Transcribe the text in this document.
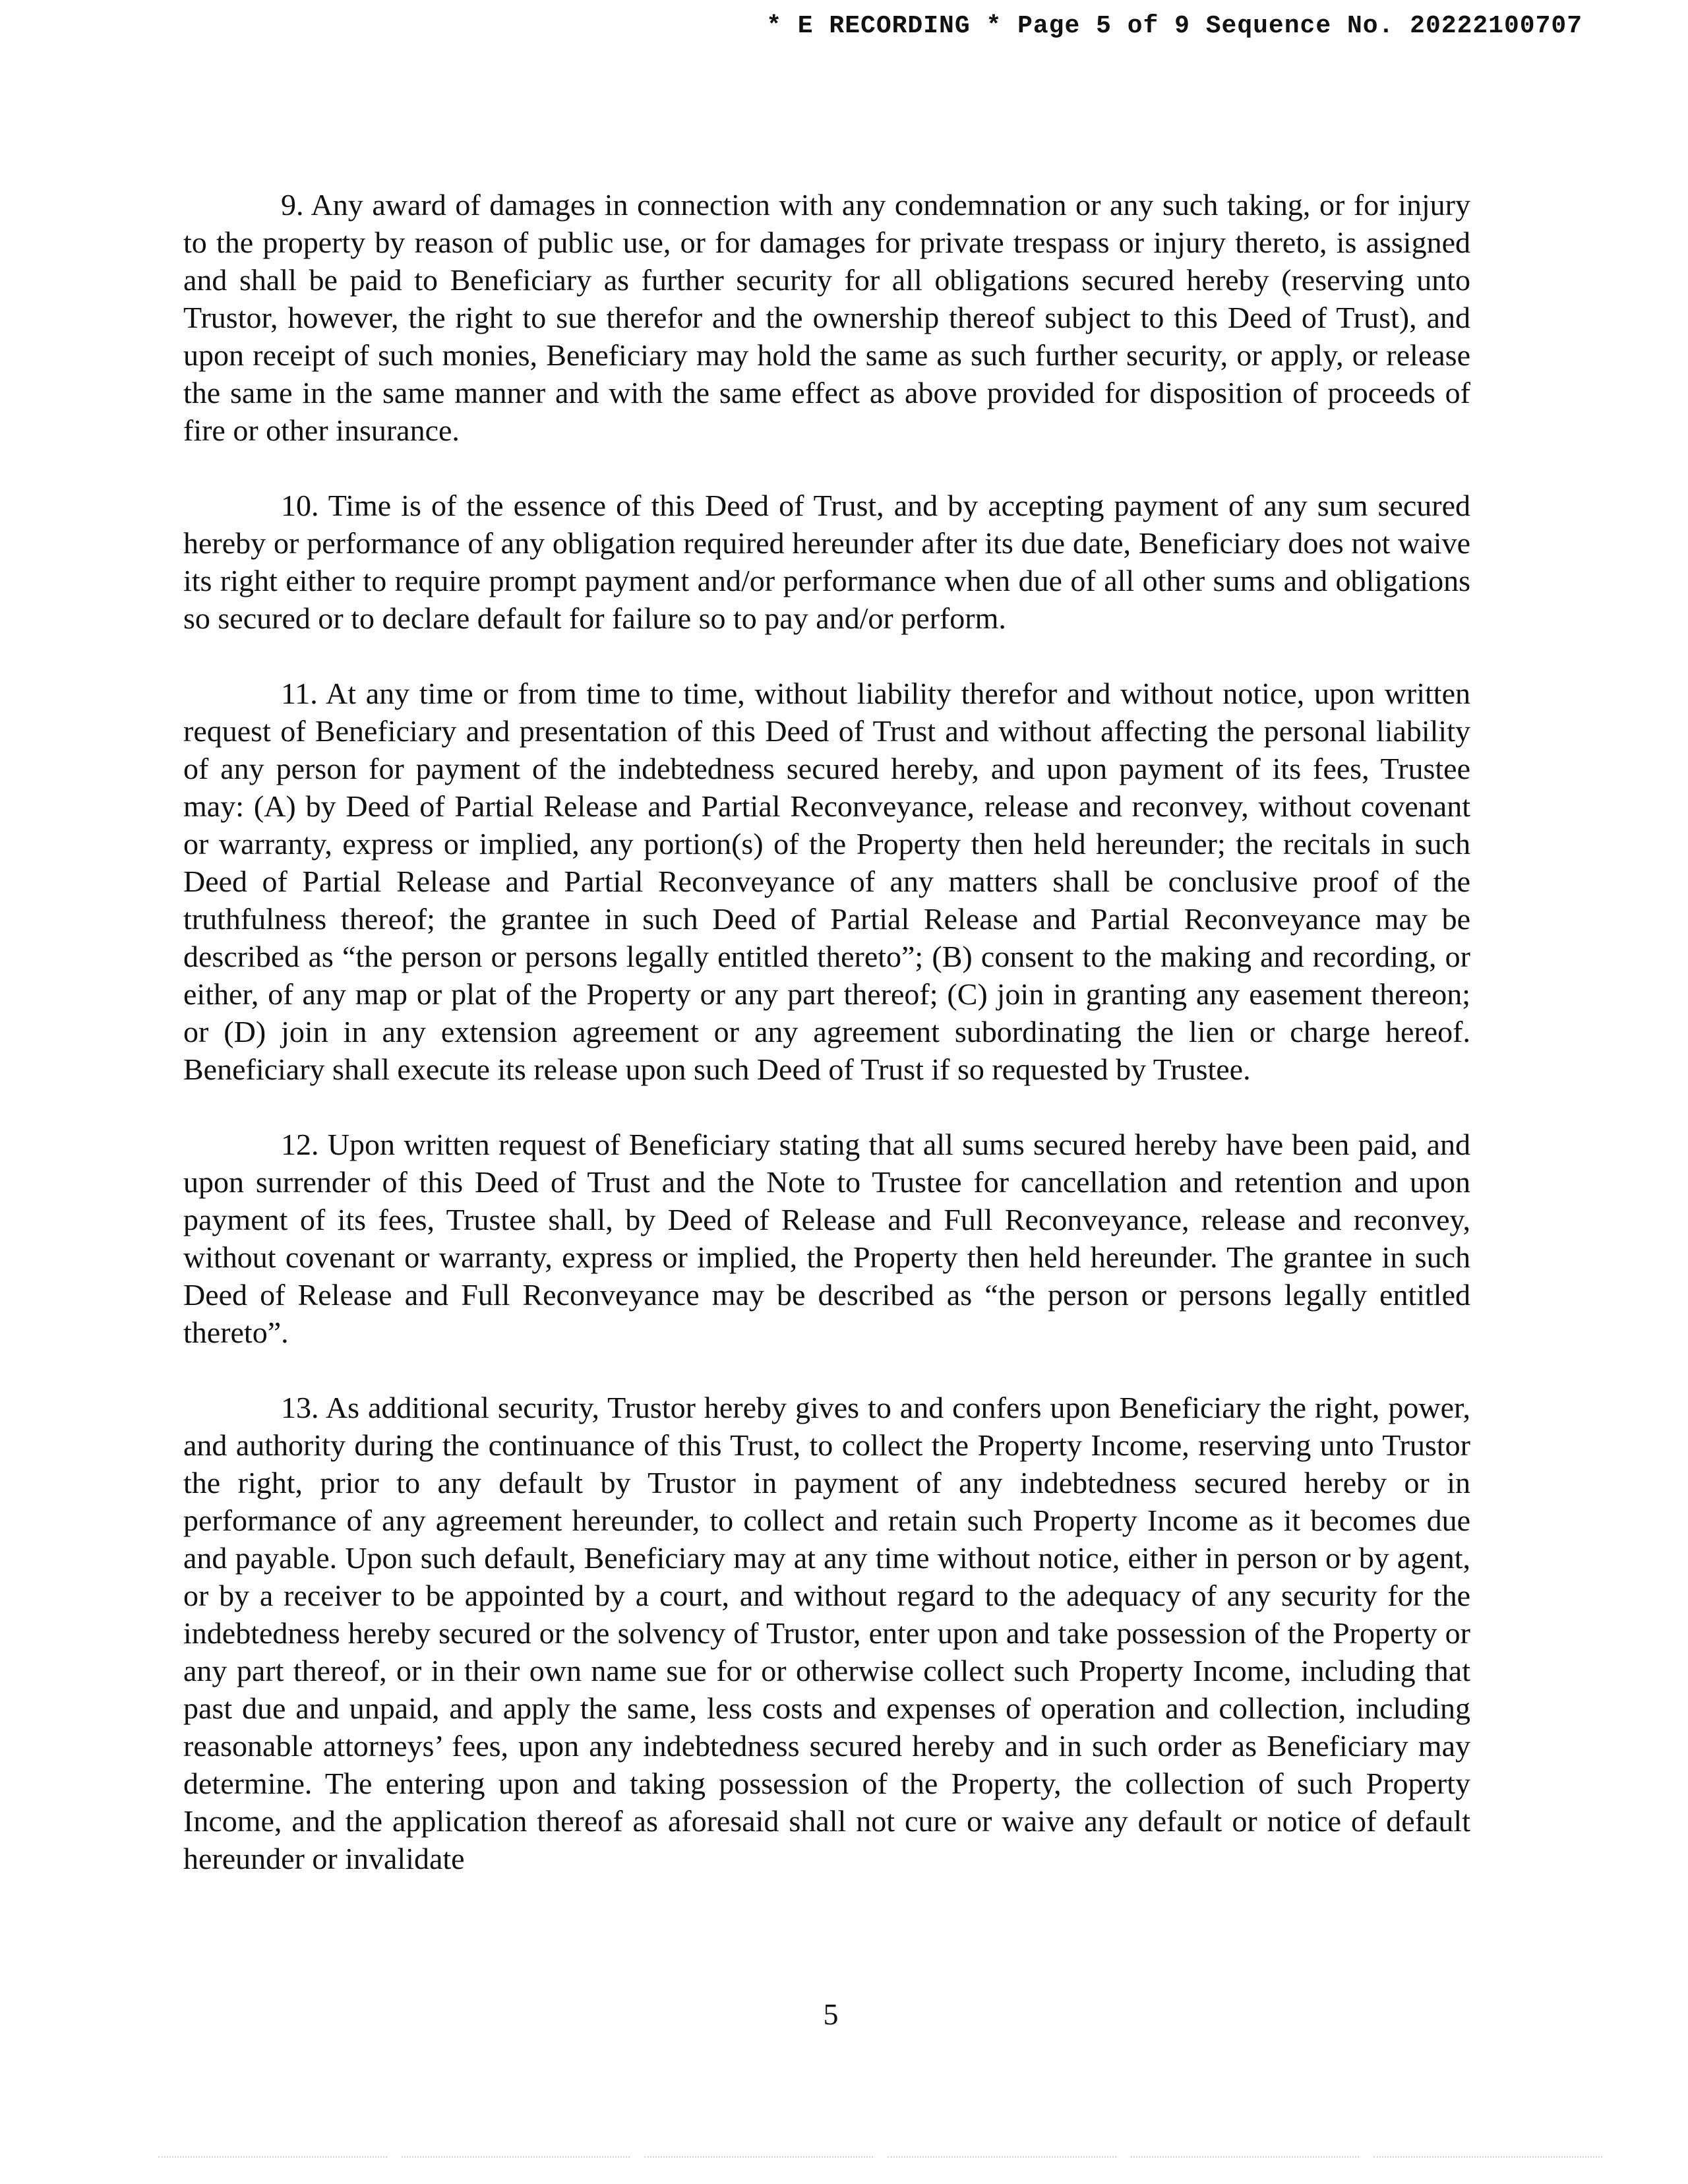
* E RECORDING * Page 5 of 9 Sequence No. 20222100707

9. Any award of damages in connection with any condemnation or any such taking, or for injury to the property by reason of public use, or for damages for private trespass or injury thereto, is assigned and shall be paid to Beneficiary as further security for all obligations secured hereby (reserving unto Trustor, however, the right to sue therefor and the ownership thereof subject to this Deed of Trust), and upon receipt of such monies, Beneficiary may hold the same as such further security, or apply, or release the same in the same manner and with the same effect as above provided for disposition of proceeds of fire or other insurance.

10. Time is of the essence of this Deed of Trust, and by accepting payment of any sum secured hereby or performance of any obligation required hereunder after its due date, Beneficiary does not waive its right either to require prompt payment and/or performance when due of all other sums and obligations so secured or to declare default for failure so to pay and/or perform.

11. At any time or from time to time, without liability therefor and without notice, upon written request of Beneficiary and presentation of this Deed of Trust and without affecting the personal liability of any person for payment of the indebtedness secured hereby, and upon payment of its fees, Trustee may: (A) by Deed of Partial Release and Partial Reconveyance, release and reconvey, without covenant or warranty, express or implied, any portion(s) of the Property then held hereunder; the recitals in such Deed of Partial Release and Partial Reconveyance of any matters shall be conclusive proof of the truthfulness thereof; the grantee in such Deed of Partial Release and Partial Reconveyance may be described as “the person or persons legally entitled thereto”; (B) consent to the making and recording, or either, of any map or plat of the Property or any part thereof; (C) join in granting any easement thereon; or (D) join in any extension agreement or any agreement subordinating the lien or charge hereof. Beneficiary shall execute its release upon such Deed of Trust if so requested by Trustee.

12. Upon written request of Beneficiary stating that all sums secured hereby have been paid, and upon surrender of this Deed of Trust and the Note to Trustee for cancellation and retention and upon payment of its fees, Trustee shall, by Deed of Release and Full Reconveyance, release and reconvey, without covenant or warranty, express or implied, the Property then held hereunder. The grantee in such Deed of Release and Full Reconveyance may be described as “the person or persons legally entitled thereto”.

13. As additional security, Trustor hereby gives to and confers upon Beneficiary the right, power, and authority during the continuance of this Trust, to collect the Property Income, reserving unto Trustor the right, prior to any default by Trustor in payment of any indebtedness secured hereby or in performance of any agreement hereunder, to collect and retain such Property Income as it becomes due and payable. Upon such default, Beneficiary may at any time without notice, either in person or by agent, or by a receiver to be appointed by a court, and without regard to the adequacy of any security for the indebtedness hereby secured or the solvency of Trustor, enter upon and take possession of the Property or any part thereof, or in their own name sue for or otherwise collect such Property Income, including that past due and unpaid, and apply the same, less costs and expenses of operation and collection, including reasonable attorneys’ fees, upon any indebtedness secured hereby and in such order as Beneficiary may determine. The entering upon and taking possession of the Property, the collection of such Property Income, and the application thereof as aforesaid shall not cure or waive any default or notice of default hereunder or invalidate

5
